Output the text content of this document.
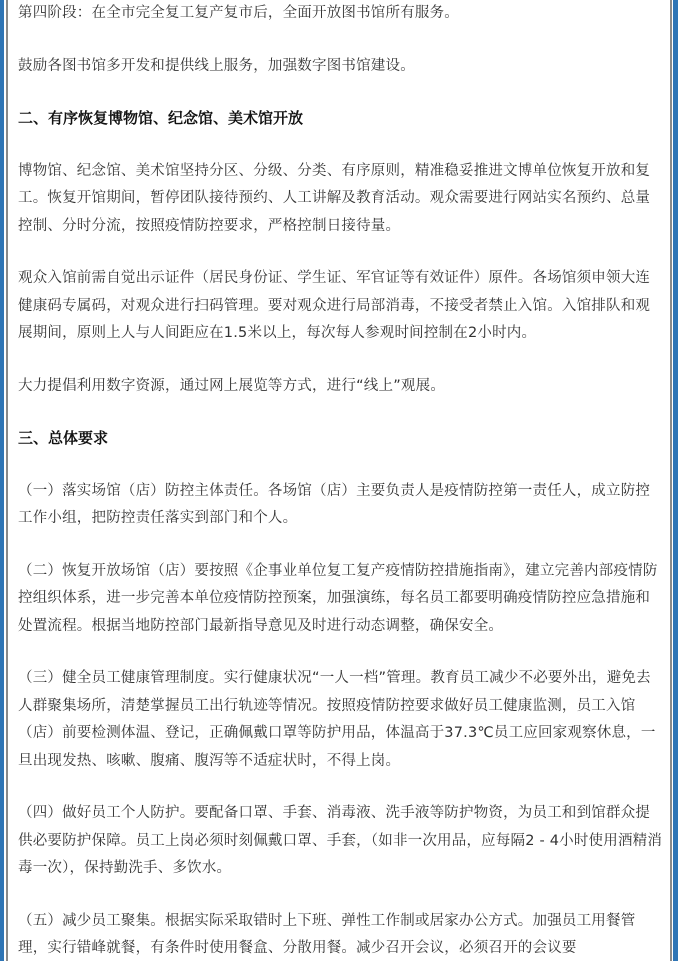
第四阶段：在全市完全复工复产复市后，全面开放图书馆所有服务。

鼓励各图书馆多开发和提供线上服务，加强数字图书馆建设。

二、有序恢复博物馆、纪念馆、美术馆开放

博物馆、纪念馆、美术馆坚持分区、分级、分类、有序原则，精准稳妥推进文博单位恢复开放和复工。恢复开馆期间，暂停团队接待预约、人工讲解及教育活动。观众需要进行网站实名预约、总量控制、分时分流，按照疫情防控要求，严格控制日接待量。

观众入馆前需自觉出示证件（居民身份证、学生证、军官证等有效证件）原件。各场馆须申领大连健康码专属码，对观众进行扫码管理。要对观众进行局部消毒，不接受者禁止入馆。入馆排队和观展期间，原则上人与人间距应在1.5米以上，每次每人参观时间控制在2小时内。

大力提倡利用数字资源，通过网上展览等方式，进行“线上”观展。

三、总体要求

（一）落实场馆（店）防控主体责任。各场馆（店）主要负责人是疫情防控第一责任人，成立防控工作小组，把防控责任落实到部门和个人。

（二）恢复开放场馆（店）要按照《企事业单位复工复产疫情防控措施指南》，建立完善内部疫情防控组织体系，进一步完善本单位疫情防控预案，加强演练，每名员工都要明确疫情防控应急措施和处置流程。根据当地防控部门最新指导意见及时进行动态调整，确保安全。

（三）健全员工健康管理制度。实行健康状况“一人一档”管理。教育员工减少不必要外出，避免去人群聚集场所，清楚掌握员工出行轨迹等情况。按照疫情防控要求做好员工健康监测，员工入馆（店）前要检测体温、登记，正确佩戴口罩等防护用品，体温高于37.3℃员工应回家观察休息，一旦出现发热、咳嗽、腹痛、腹泻等不适症状时，不得上岗。

（四）做好员工个人防护。要配备口罩、手套、消毒液、洗手液等防护物资，为员工和到馆群众提供必要防护保障。员工上岗必须时刻佩戴口罩、手套，（如非一次用品，应每隔2 - 4小时使用酒精消毒一次），保持勤洗手、多饮水。

（五）减少员工聚集。根据实际采取错时上下班、弹性工作制或居家办公方式。加强员工用餐管理，实行错峰就餐，有条件时使用餐盒、分散用餐。减少召开会议，必须召开的会议要
